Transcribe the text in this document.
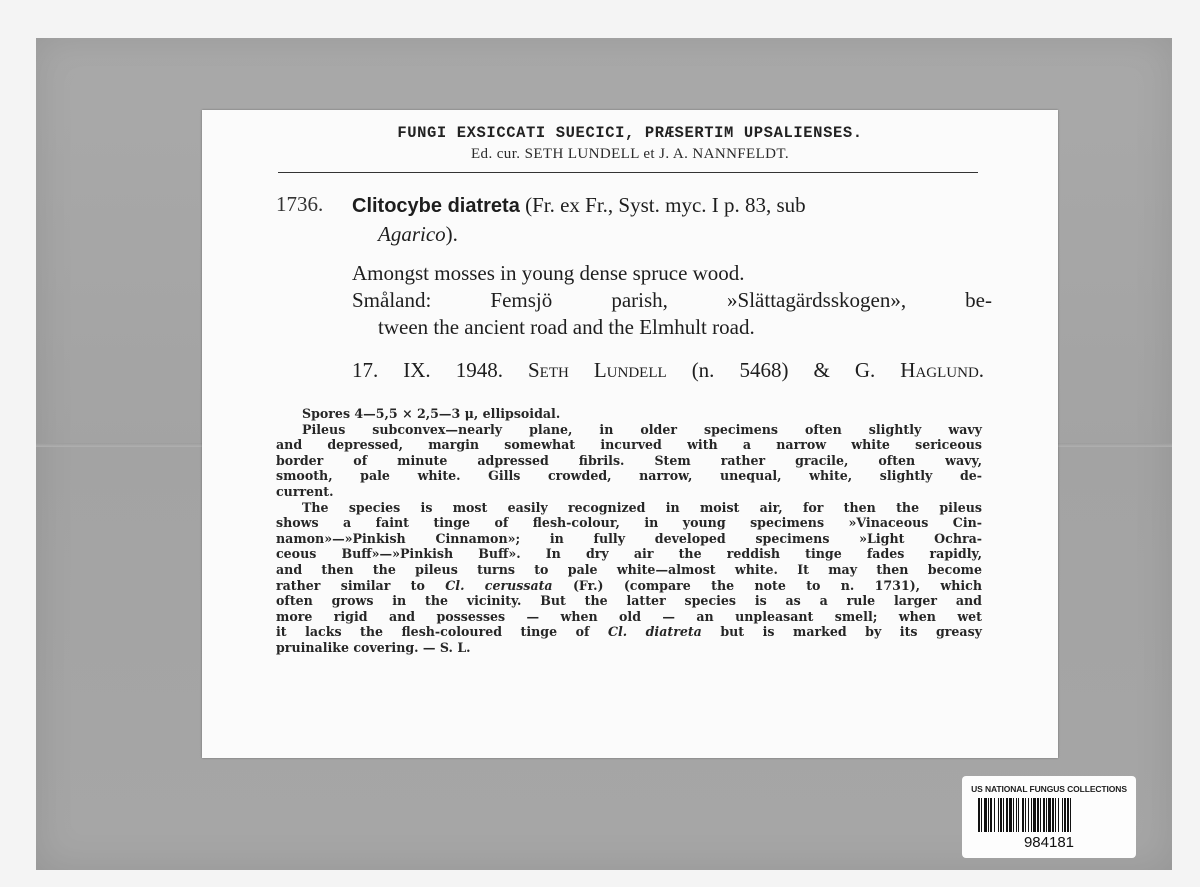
FUNGI EXSICCATI SUECICI, PRÆSERTIM UPSALIENSES.
Ed. cur. SETH LUNDELL et J. A. NANNFELDT.
1736. Clitocybe diatreta (Fr. ex Fr., Syst. myc. I p. 83, sub
Agarico).
Amongst mosses in young dense spruce wood.
Småland: Femsjö parish, »Slättagärdsskogen», be-
tween the ancient road and the Elmhult road.
17. IX. 1948. Seth Lundell (n. 5468) & G. Haglund.
Spores 4—5,5 × 2,5—3 μ, ellipsoidal.
Pileus subconvex—nearly plane, in older specimens often slightly wavy
and depressed, margin somewhat incurved with a narrow white sericeous
border of minute adpressed fibrils. Stem rather gracile, often wavy,
smooth, pale white. Gills crowded, narrow, unequal, white, slightly de-
current.
The species is most easily recognized in moist air, for then the pileus
shows a faint tinge of flesh-colour, in young specimens »Vinaceous Cin-
namon»—»Pinkish Cinnamon»; in fully developed specimens »Light Ochra-
ceous Buff»—»Pinkish Buff». In dry air the reddish tinge fades rapidly,
and then the pileus turns to pale white—almost white. It may then become
rather similar to Cl. cerussata (Fr.) (compare the note to n. 1731), which
often grows in the vicinity. But the latter species is as a rule larger and
more rigid and possesses — when old — an unpleasant smell; when wet
it lacks the flesh-coloured tinge of Cl. diatreta but is marked by its greasy
pruinalike covering. — S. L.
US NATIONAL FUNGUS COLLECTIONS
984181
